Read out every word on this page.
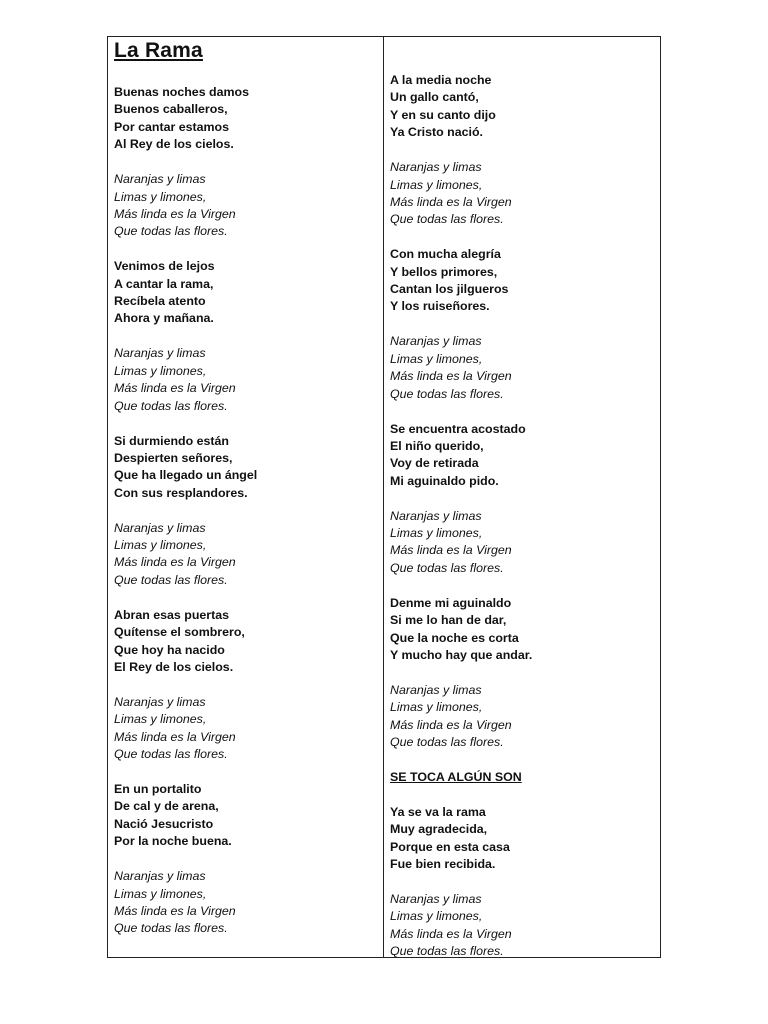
La Rama
Buenas noches damos
Buenos caballeros,
Por cantar estamos
Al Rey de los cielos.
Naranjas y limas
Limas y limones,
Más linda es la Virgen
Que todas las flores.
Venimos de lejos
A cantar la rama,
Recíbela atento
Ahora y mañana.
Naranjas y limas
Limas y limones,
Más linda es la Virgen
Que todas las flores.
Si durmiendo están
Despierten señores,
Que ha llegado un ángel
Con sus resplandores.
Naranjas y limas
Limas y limones,
Más linda es la Virgen
Que todas las flores.
Abran esas puertas
Quítense el sombrero,
Que hoy ha nacido
El Rey de los cielos.
Naranjas y limas
Limas y limones,
Más linda es la Virgen
Que todas las flores.
En un portalito
De cal y de arena,
Nació Jesucristo
Por la noche buena.
Naranjas y limas
Limas y limones,
Más linda es la Virgen
Que todas las flores.
A la media noche
Un gallo cantó,
Y en su canto dijo
Ya Cristo nació.
Naranjas y limas
Limas y limones,
Más linda es la Virgen
Que todas las flores.
Con mucha alegría
Y bellos primores,
Cantan los jilgueros
Y los ruiseñores.
Naranjas y limas
Limas y limones,
Más linda es la Virgen
Que todas las flores.
Se encuentra acostado
El niño querido,
Voy de retirada
Mi aguinaldo pido.
Naranjas y limas
Limas y limones,
Más linda es la Virgen
Que todas las flores.
Denme mi aguinaldo
Si me lo han de dar,
Que la noche es corta
Y mucho hay que andar.
Naranjas y limas
Limas y limones,
Más linda es la Virgen
Que todas las flores.
SE TOCA ALGÚN SON
Ya se va la rama
Muy agradecida,
Porque en esta casa
Fue bien recibida.
Naranjas y limas
Limas y limones,
Más linda es la Virgen
Que todas las flores.
